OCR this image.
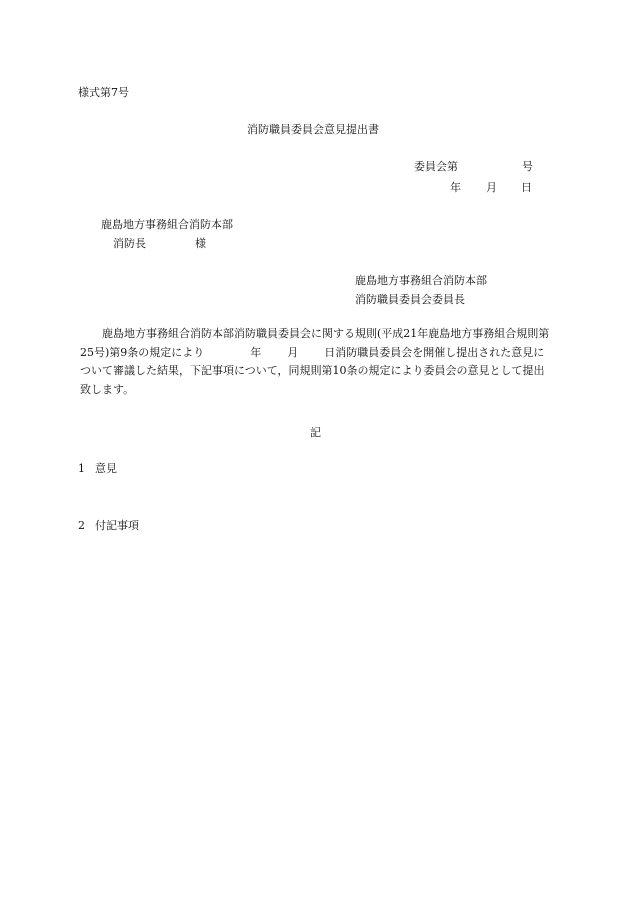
様式第7号
消防職員委員会意見提出書
委員会第	号
年 月 日
鹿島地方事務組合消防本部
消防長	様
鹿島地方事務組合消防本部
消防職員委員会委員長
鹿島地方事務組合消防本部消防職員委員会に関する規則(平成21年鹿島地方事務組合規則第25号)第9条の規定により	年 月 日消防職員委員会を開催し提出された意見について審議した結果，下記事項について，同規則第10条の規定により委員会の意見として提出致します。
記
1 意見
2 付記事項
